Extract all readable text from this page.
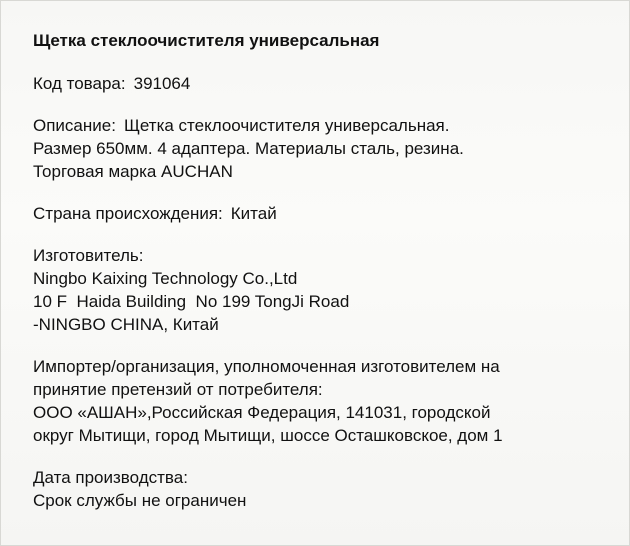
Щетка стеклоочистителя универсальная
Код товара: 391064
Описание: Щетка стеклоочистителя универсальная.
Размер 650мм. 4 адаптера. Материалы сталь, резина.
Торговая марка AUCHAN
Страна происхождения: Китай
Изготовитель:
Ningbo Kaixing Technology Co.,Ltd
10 F  Haida Building  No 199 TongJi Road
-NINGBO CHINA, Китай
Импортер/организация, уполномоченная изготовителем на
принятие претензий от потребителя:
ООО «АШАН»,Российская Федерация, 141031, городской
округ Мытищи, город Мытищи, шоссе Осташковское, дом 1
Дата производства:
Срок службы не ограничен
